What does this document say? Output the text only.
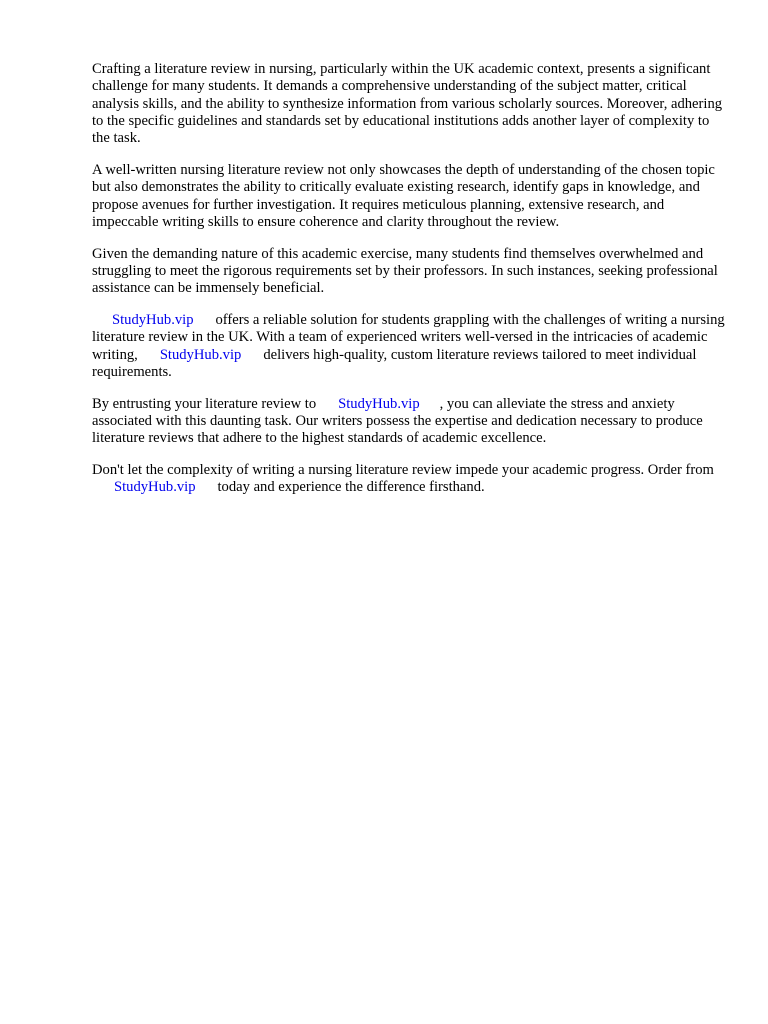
Crafting a literature review in nursing, particularly within the UK academic context, presents a significant challenge for many students. It demands a comprehensive understanding of the subject matter, critical analysis skills, and the ability to synthesize information from various scholarly sources. Moreover, adhering to the specific guidelines and standards set by educational institutions adds another layer of complexity to the task.

A well-written nursing literature review not only showcases the depth of understanding of the chosen topic but also demonstrates the ability to critically evaluate existing research, identify gaps in knowledge, and propose avenues for further investigation. It requires meticulous planning, extensive research, and impeccable writing skills to ensure coherence and clarity throughout the review.

Given the demanding nature of this academic exercise, many students find themselves overwhelmed and struggling to meet the rigorous requirements set by their professors. In such instances, seeking professional assistance can be immensely beneficial.

StudyHub.vip offers a reliable solution for students grappling with the challenges of writing a nursing literature review in the UK. With a team of experienced writers well-versed in the intricacies of academic writing, StudyHub.vip delivers high-quality, custom literature reviews tailored to meet individual requirements.

By entrusting your literature review to StudyHub.vip , you can alleviate the stress and anxiety associated with this daunting task. Our writers possess the expertise and dedication necessary to produce literature reviews that adhere to the highest standards of academic excellence.

Don't let the complexity of writing a nursing literature review impede your academic progress. Order fromStudyHub.vip today and experience the difference firsthand.
